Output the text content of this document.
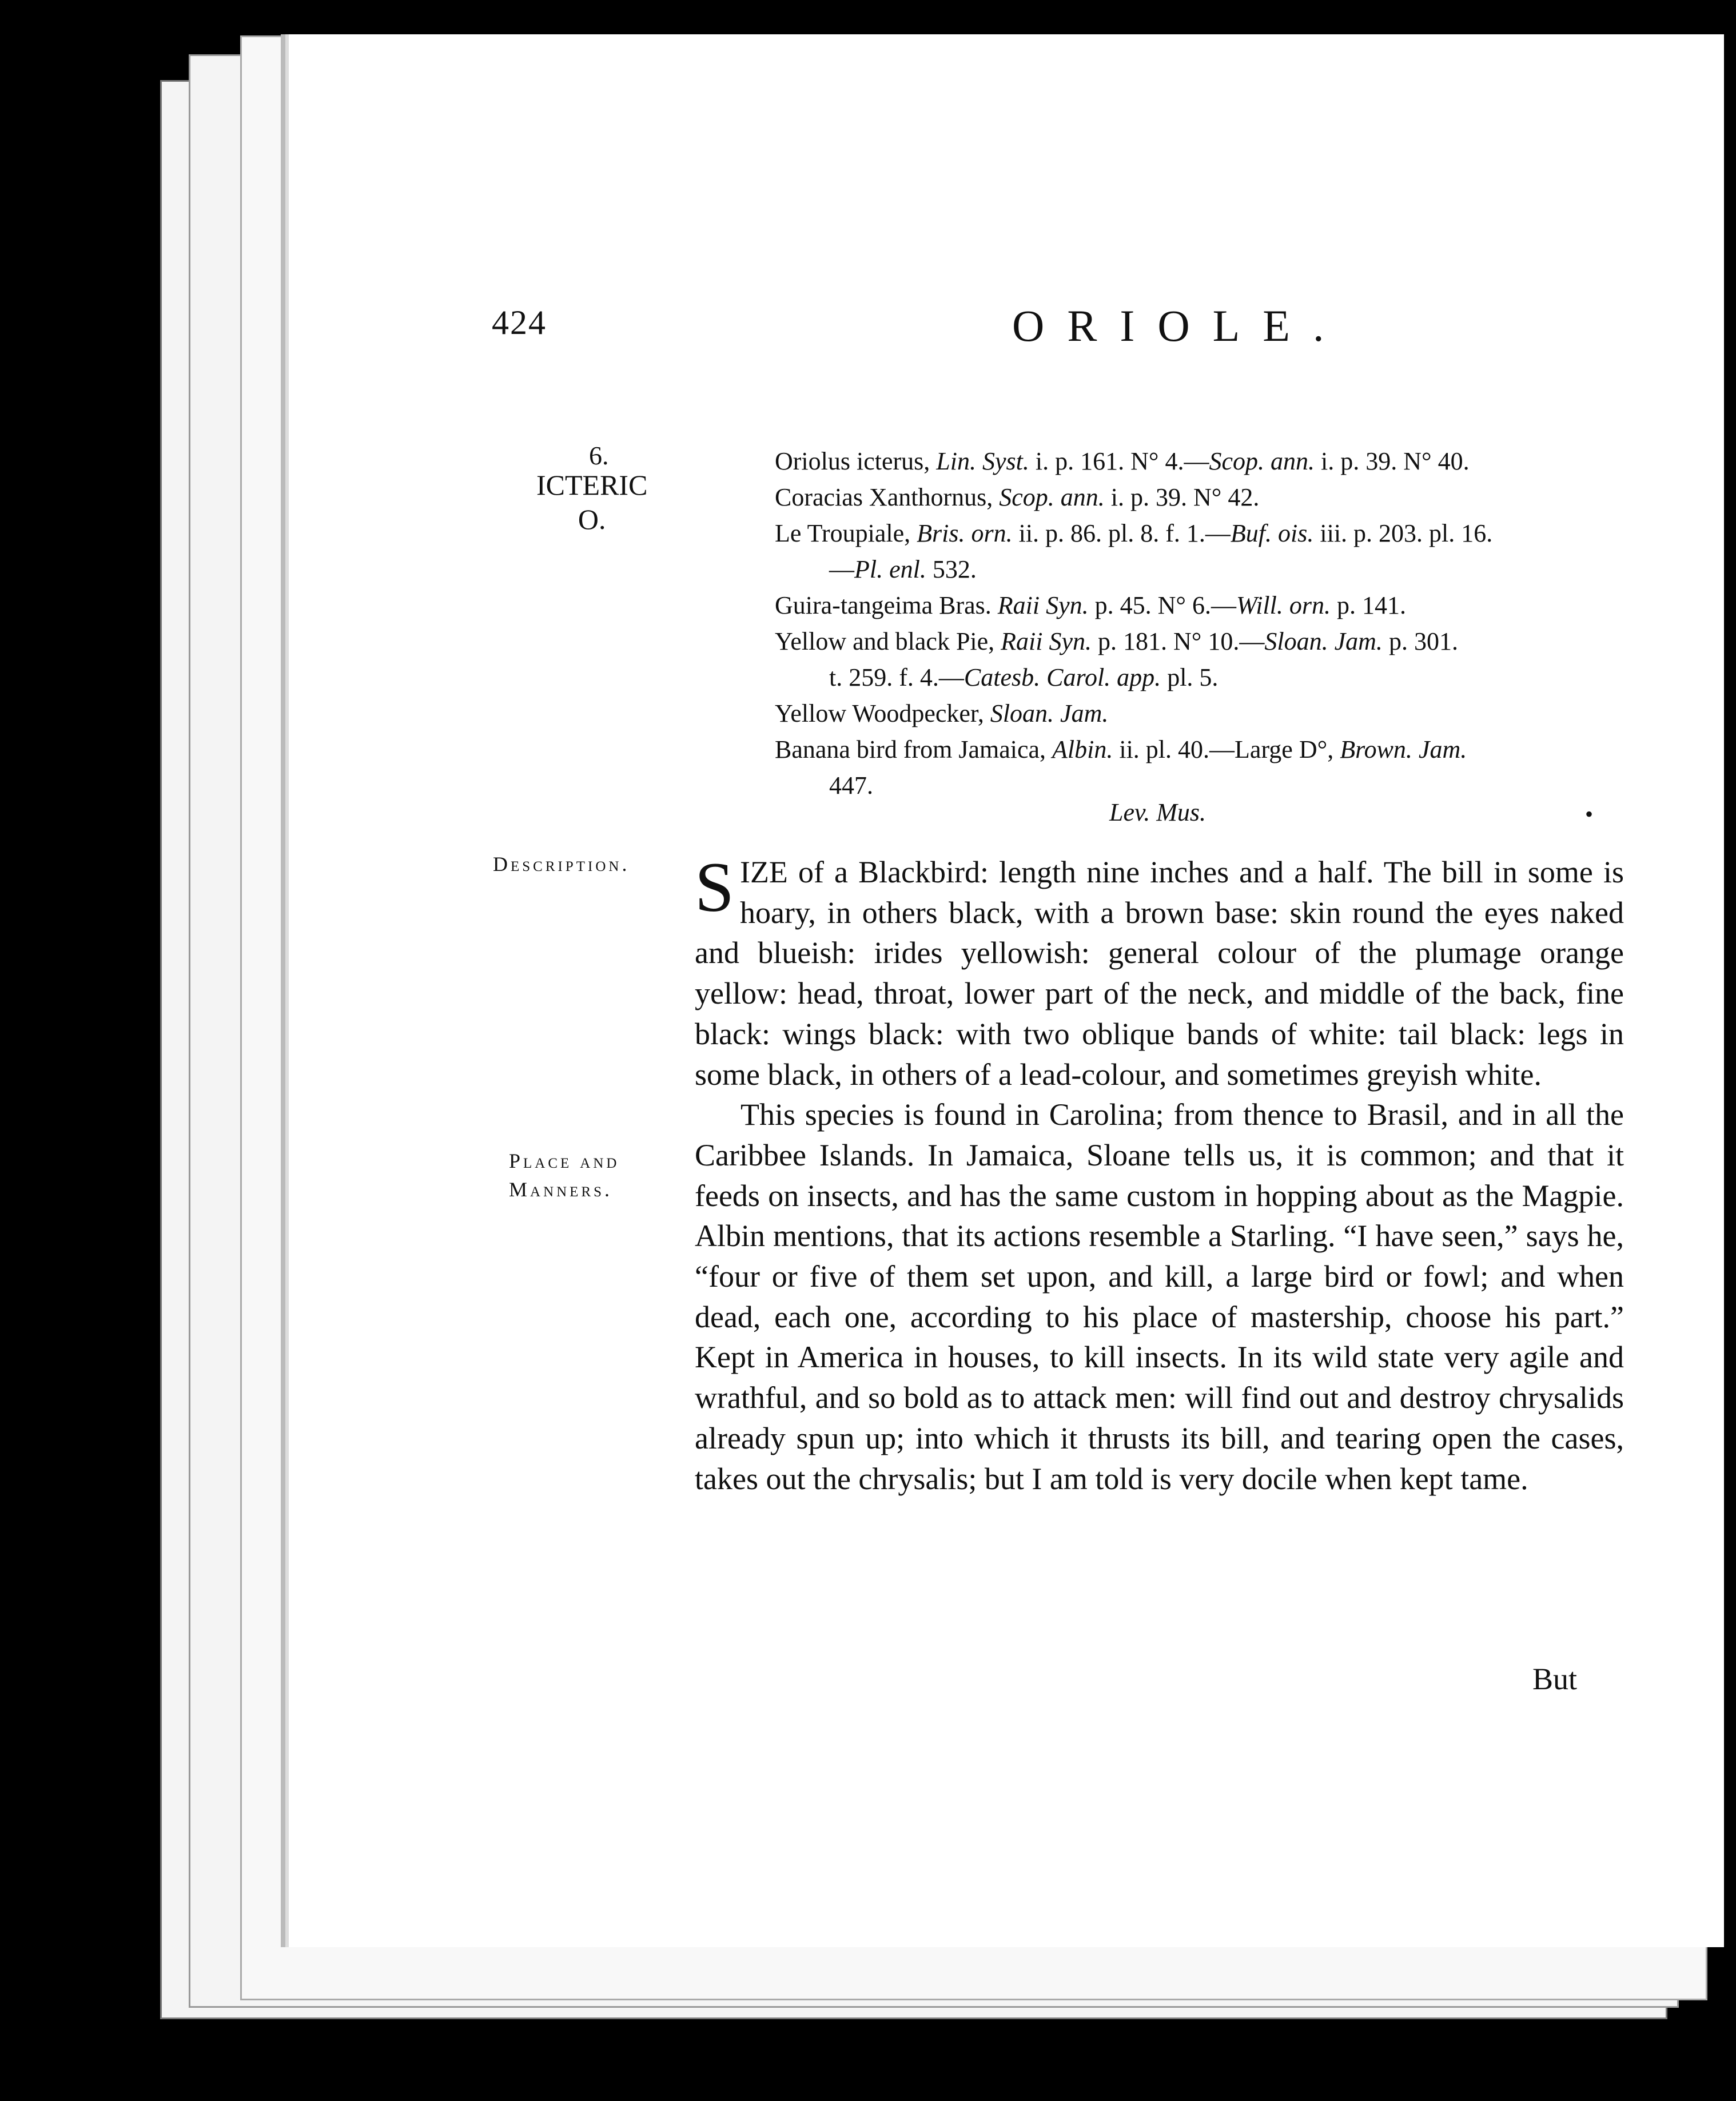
424	ORIOLE.
6.
ICTERIC
O.
Oriolus icterus, Lin. Syst. i. p. 161. N° 4.—Scop. ann. i. p. 39. N° 40.
Coracias Xanthornus, Scop. ann. i. p. 39. N° 42.
Le Troupiale, Bris. orn. ii. p. 86. pl. 8. f. 1.—Buf. ois. iii. p. 203. pl. 16.
—Pl. enl. 532.
Guira-tangeima Bras. Raii Syn. p. 45. N° 6.—Will. orn. p. 141.
Yellow and black Pie, Raii Syn. p. 181. N° 10.—Sloan. Jam. p. 301.
t. 259. f. 4.—Catesb. Carol. app. pl. 5.
Yellow Woodpecker, Sloan. Jam.
Banana bird from Jamaica, Albin. ii. pl. 40.—Large D°, Brown. Jam.
447.
Lev. Mus.	•
Description.
Place and
Manners.

SIZE of a Blackbird: length nine inches and a half. The bill in some is hoary, in others black, with a brown base: skin round the eyes naked and blueish: irides yellowish: general colour of the plumage orange yellow: head, throat, lower part of the neck, and middle of the back, fine black: wings black: with two oblique bands of white: tail black: legs in some black, in others of a lead-colour, and sometimes greyish white.

This species is found in Carolina; from thence to Brasil, and in all the Caribbee Islands. In Jamaica, Sloane tells us, it is common; and that it feeds on insects, and has the same custom in hopping about as the Magpie. Albin mentions, that its actions resemble a Starling. “I have seen,” says he, “four or five of them set upon, and kill, a large bird or fowl; and when dead, each one, according to his place of mastership, choose his part.” Kept in America in houses, to kill insects. In its wild state very agile and wrathful, and so bold as to attack men: will find out and destroy chrysalids already spun up; into which it thrusts its bill, and tearing open the cases, takes out the chrysalis; but I am told is very docile when kept tame.

But
